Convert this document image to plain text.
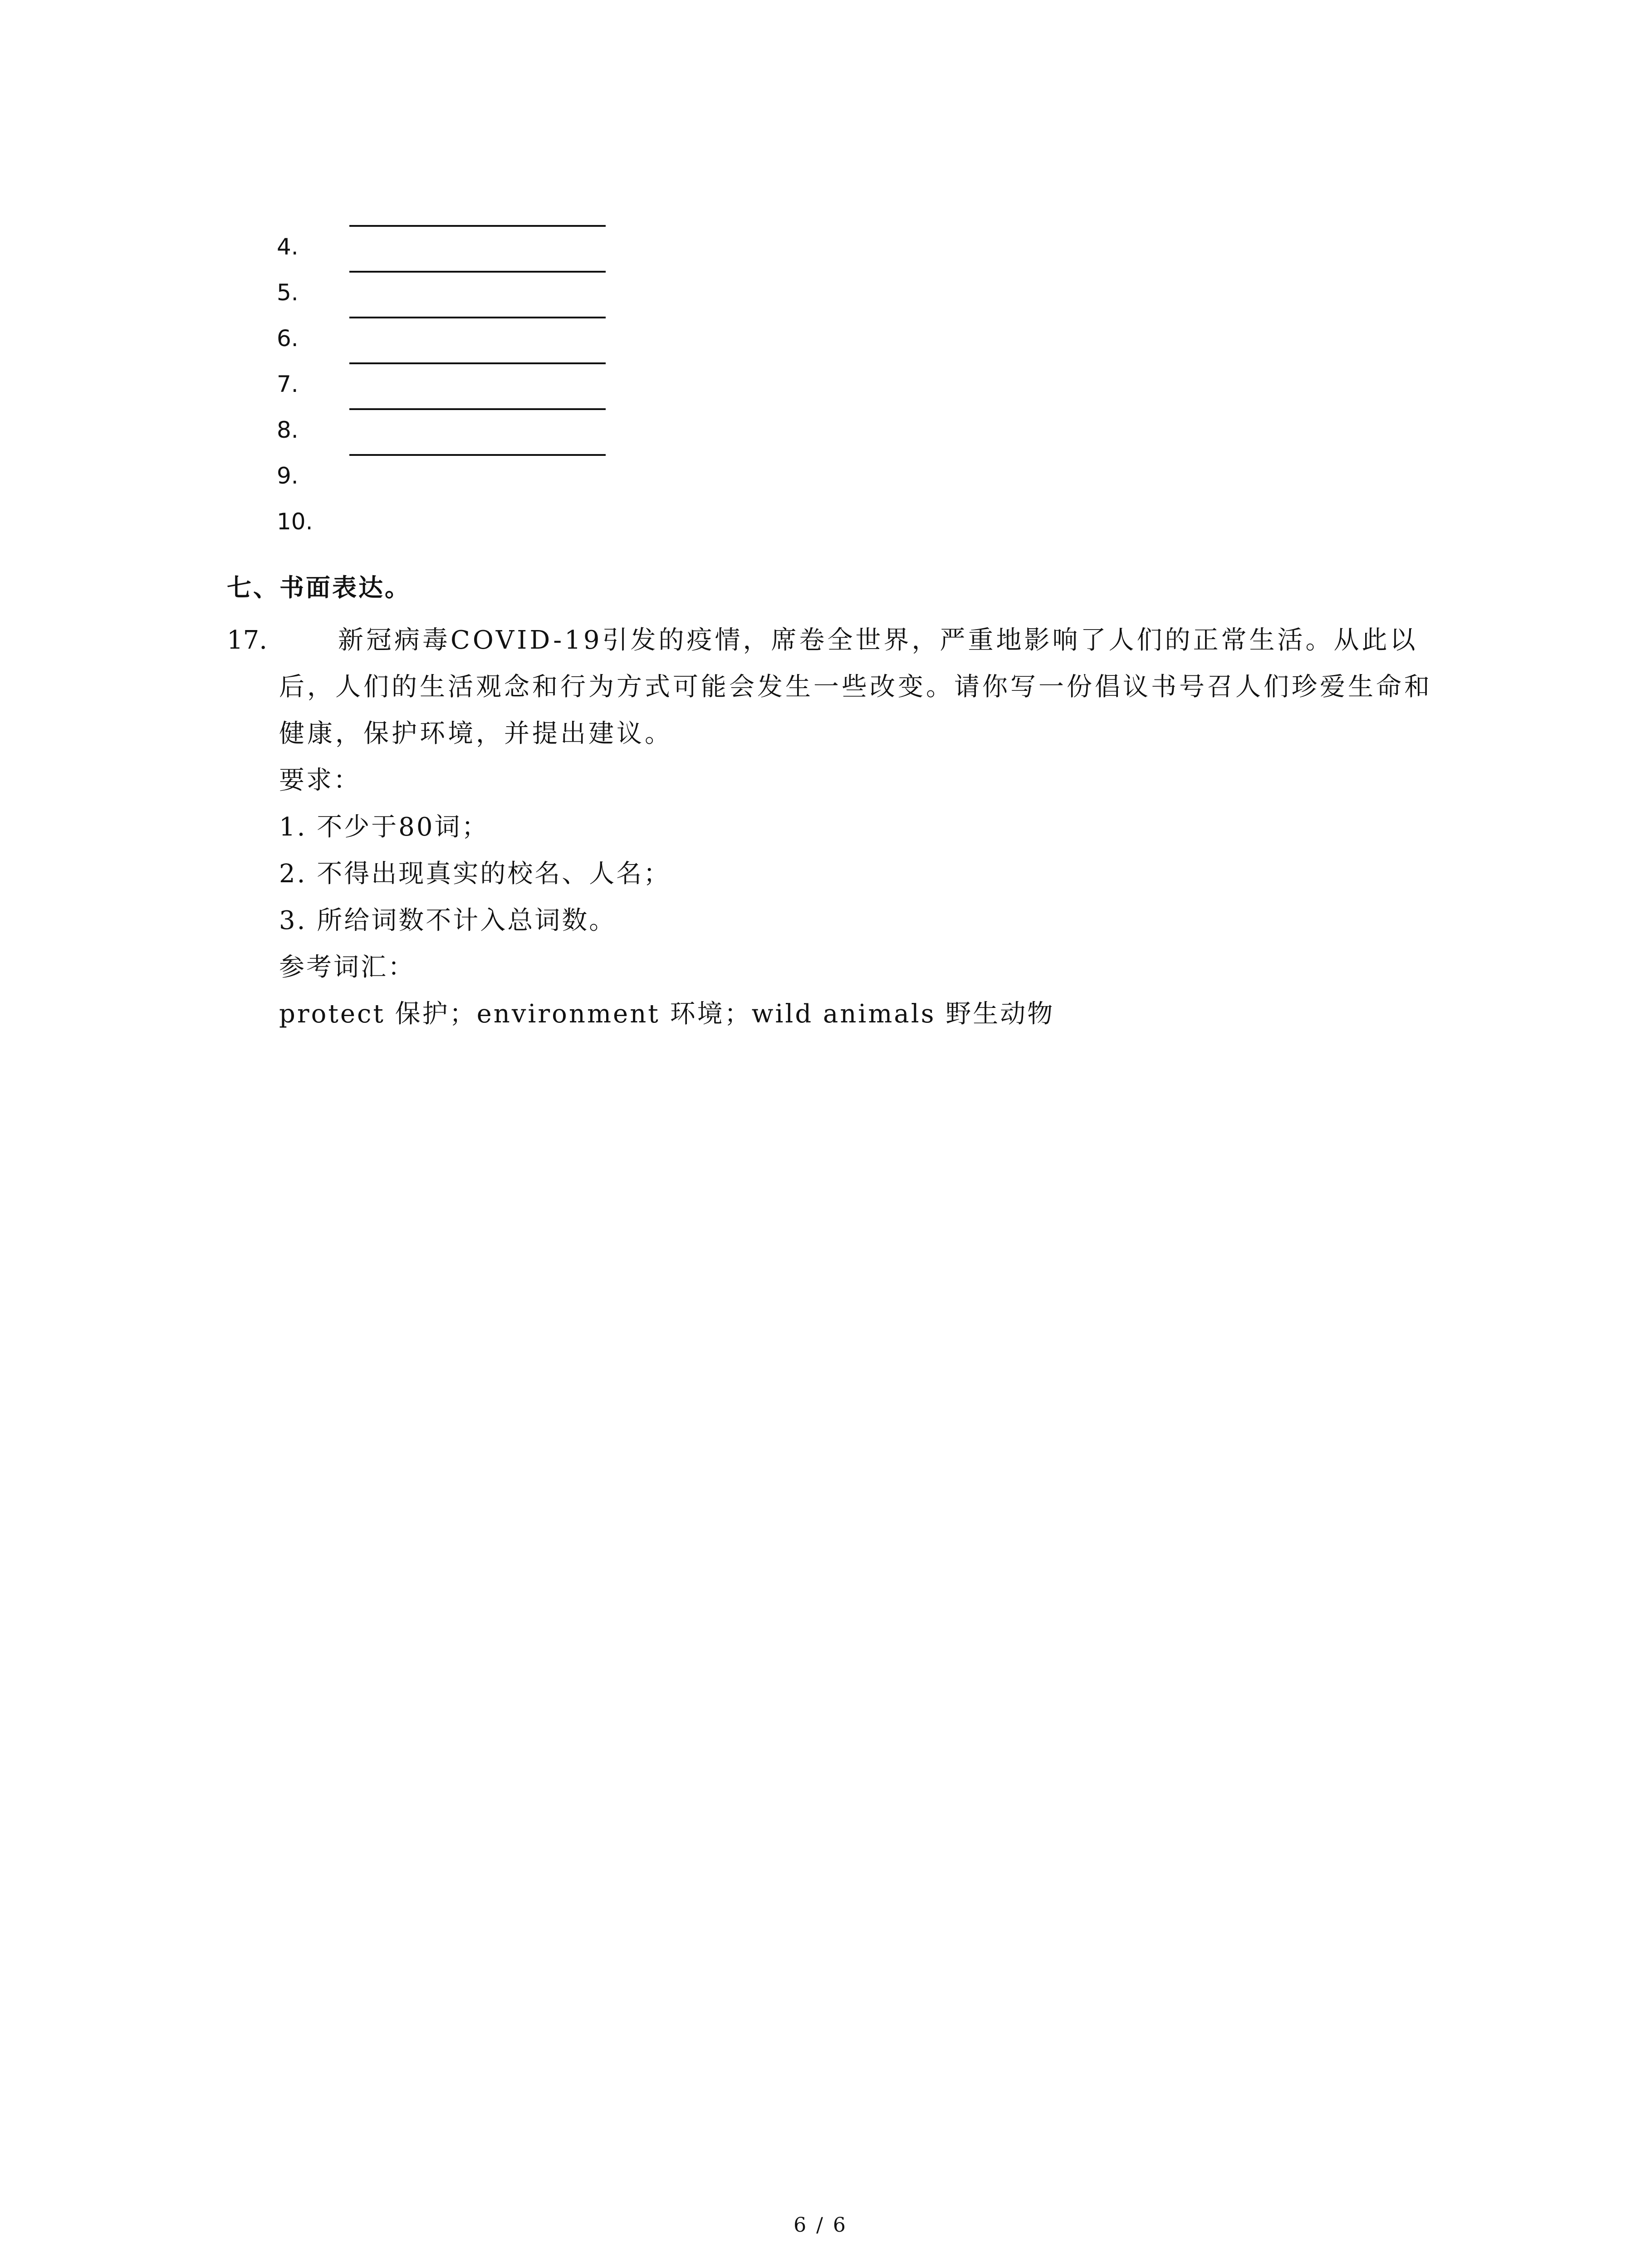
4.
5.
6.
7.
8.
9.
10.
七、书面表达。
17.	新冠病毒COVID-19引发的疫情，席卷全世界，严重地影响了人们的正常生活。从此以后，人们的生活观念和行为方式可能会发生一些改变。请你写一份倡议书号召人们珍爱生命和健康，保护环境，并提出建议。
要求：
1. 不少于80词；
2. 不得出现真实的校名、人名；
3. 所给词数不计入总词数。
参考词汇：
protect 保护；environment 环境；wild animals 野生动物
6 / 6
